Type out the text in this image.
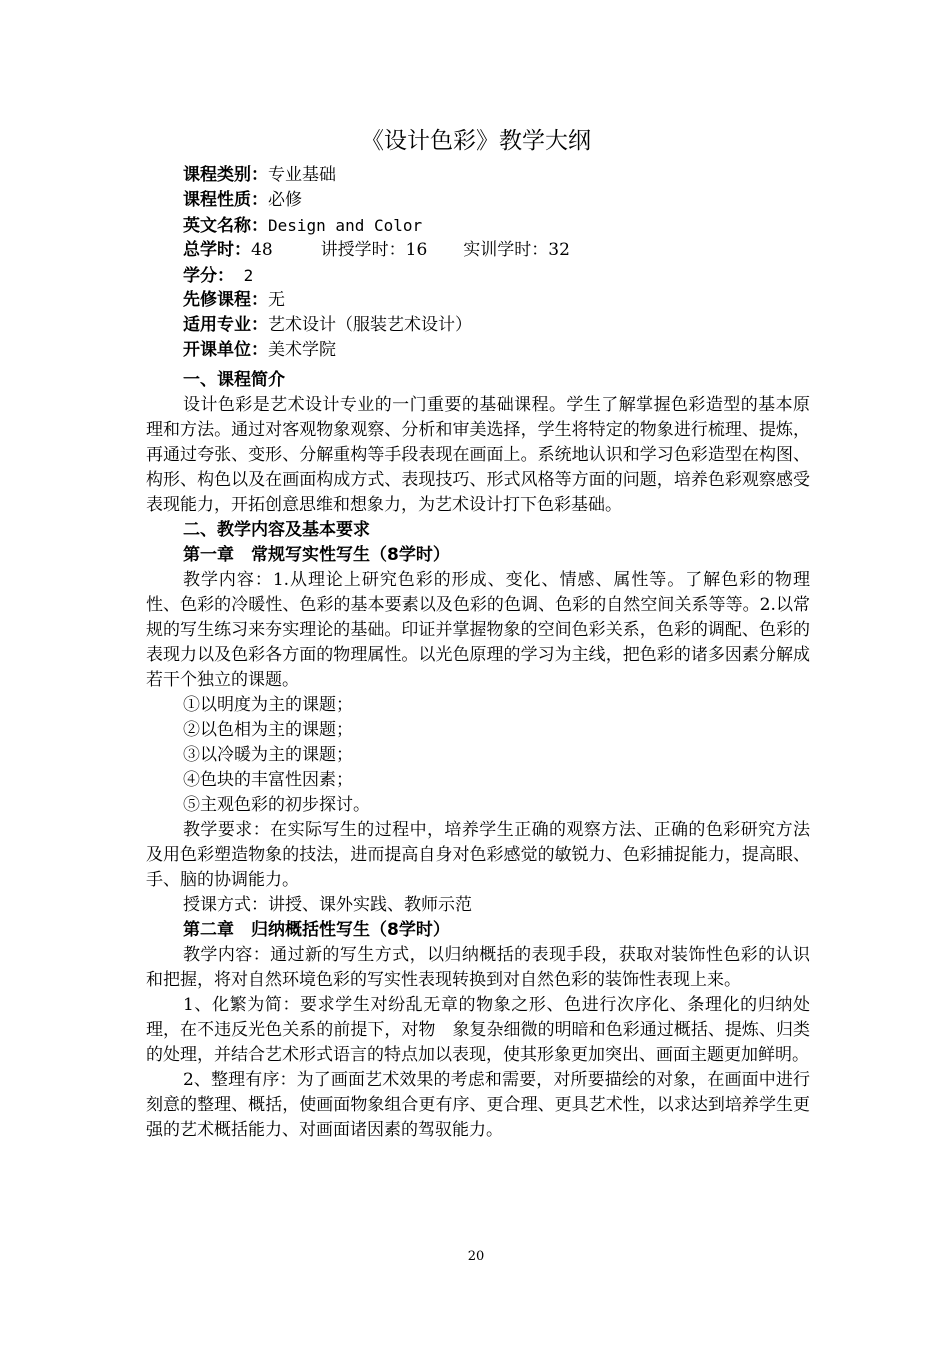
《设计色彩》教学大纲
课程类别：专业基础
课程性质：必修
英文名称：Design and Color
总学时：48	讲授学时：16 实训学时：32
学分： 2
先修课程：无
适用专业：艺术设计（服装艺术设计）
开课单位：美术学院
一、课程简介

设计色彩是艺术设计专业的一门重要的基础课程。学生了解掌握色彩造型的基本原理和方法。通过对客观物象观察、分析和审美选择，学生将特定的物象进行梳理、提炼，再通过夸张、变形、分解重构等手段表现在画面上。系统地认识和学习色彩造型在构图、构形、构色以及在画面构成方式、表现技巧、形式风格等方面的问题，培养色彩观察感受表现能力，开拓创意思维和想象力，为艺术设计打下色彩基础。

二、教学内容及基本要求
第一章　常规写实性写生（8学时）

教学内容：1.从理论上研究色彩的形成、变化、情感、属性等。了解色彩的物理性、色彩的冷暖性、色彩的基本要素以及色彩的色调、色彩的自然空间关系等等。2.以常规的写生练习来夯实理论的基础。印证并掌握物象的空间色彩关系，色彩的调配、色彩的表现力以及色彩各方面的物理属性。以光色原理的学习为主线，把色彩的诸多因素分解成若干个独立的课题。

①以明度为主的课题；
②以色相为主的课题；
③以冷暖为主的课题；
④色块的丰富性因素；
⑤主观色彩的初步探讨。

教学要求：在实际写生的过程中，培养学生正确的观察方法、正确的色彩研究方法及用色彩塑造物象的技法，进而提高自身对色彩感觉的敏锐力、色彩捕捉能力，提高眼、手、脑的协调能力。

授课方式：讲授、课外实践、教师示范

第二章　归纳概括性写生（8学时）

教学内容：通过新的写生方式，以归纳概括的表现手段，获取对装饰性色彩的认识和把握，将对自然环境色彩的写实性表现转换到对自然色彩的装饰性表现上来。

1、化繁为简：要求学生对纷乱无章的物象之形、色进行次序化、条理化的归纳处理，在不违反光色关系的前提下，对物　象复杂细微的明暗和色彩通过概括、提炼、归类的处理，并结合艺术形式语言的特点加以表现，使其形象更加突出、画面主题更加鲜明。

2、整理有序：为了画面艺术效果的考虑和需要，对所要描绘的对象，在画面中进行刻意的整理、概括，使画面物象组合更有序、更合理、更具艺术性，以求达到培养学生更强的艺术概括能力、对画面诸因素的驾驭能力。

20
